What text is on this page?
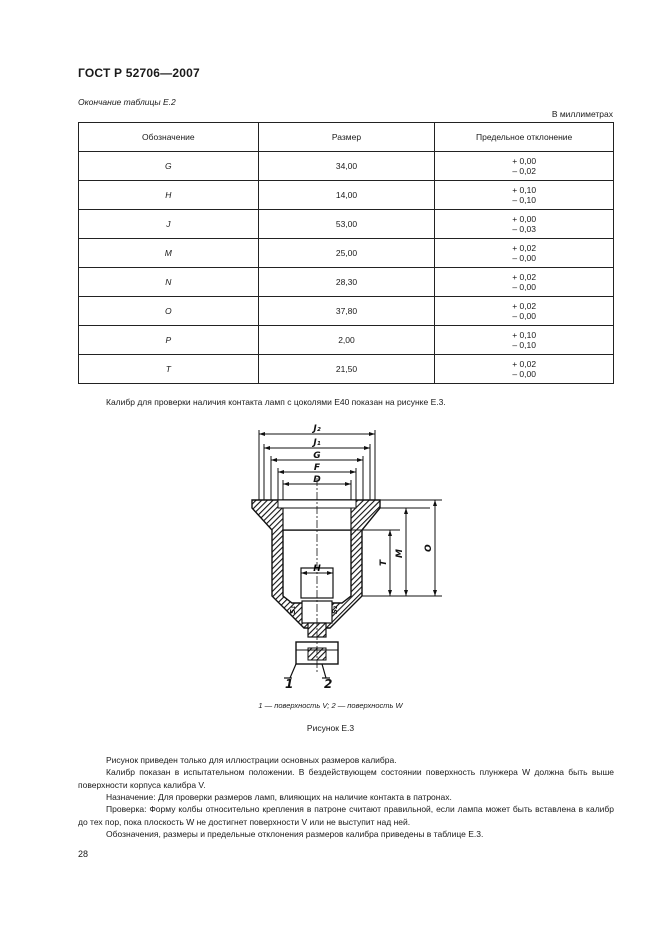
ГОСТ Р 52706—2007
Окончание таблицы Е.2
В миллиметрах
Обозначение	Размер	Предельное отклонение
G	34,00	+ 0,00
– 0,02
H	14,00	+ 0,10
– 0,10
J	53,00	+ 0,00
– 0,03
M	25,00	+ 0,02
– 0,00
N	28,30	+ 0,02
– 0,00
O	37,80	+ 0,02
– 0,00
P	2,00	+ 0,10
– 0,10
T	21,50	+ 0,02
– 0,00
Калибр для проверки наличия контакта ламп с цоколями E40 показан на рисунке Е.3.
J₂
J₁
G
F
D
S₁	S₂
H
T
M
O
1	2
1 — поверхность V; 2 — поверхность W
Рисунок Е.3
Рисунок приведен только для иллюстрации основных размеров калибра.
Калибр показан в испытательном положении. В бездействующем состоянии поверхность плунжера W должна быть выше поверхности корпуса калибра V.
Назначение: Для проверки размеров ламп, влияющих на наличие контакта в патронах.
Проверка: Форму колбы относительно крепления в патроне считают правильной, если лампа может быть вставлена в калибр до тех пор, пока плоскость W не достигнет поверхности V или не выступит над ней.
Обозначения, размеры и предельные отклонения размеров калибра приведены в таблице Е.3.
28
